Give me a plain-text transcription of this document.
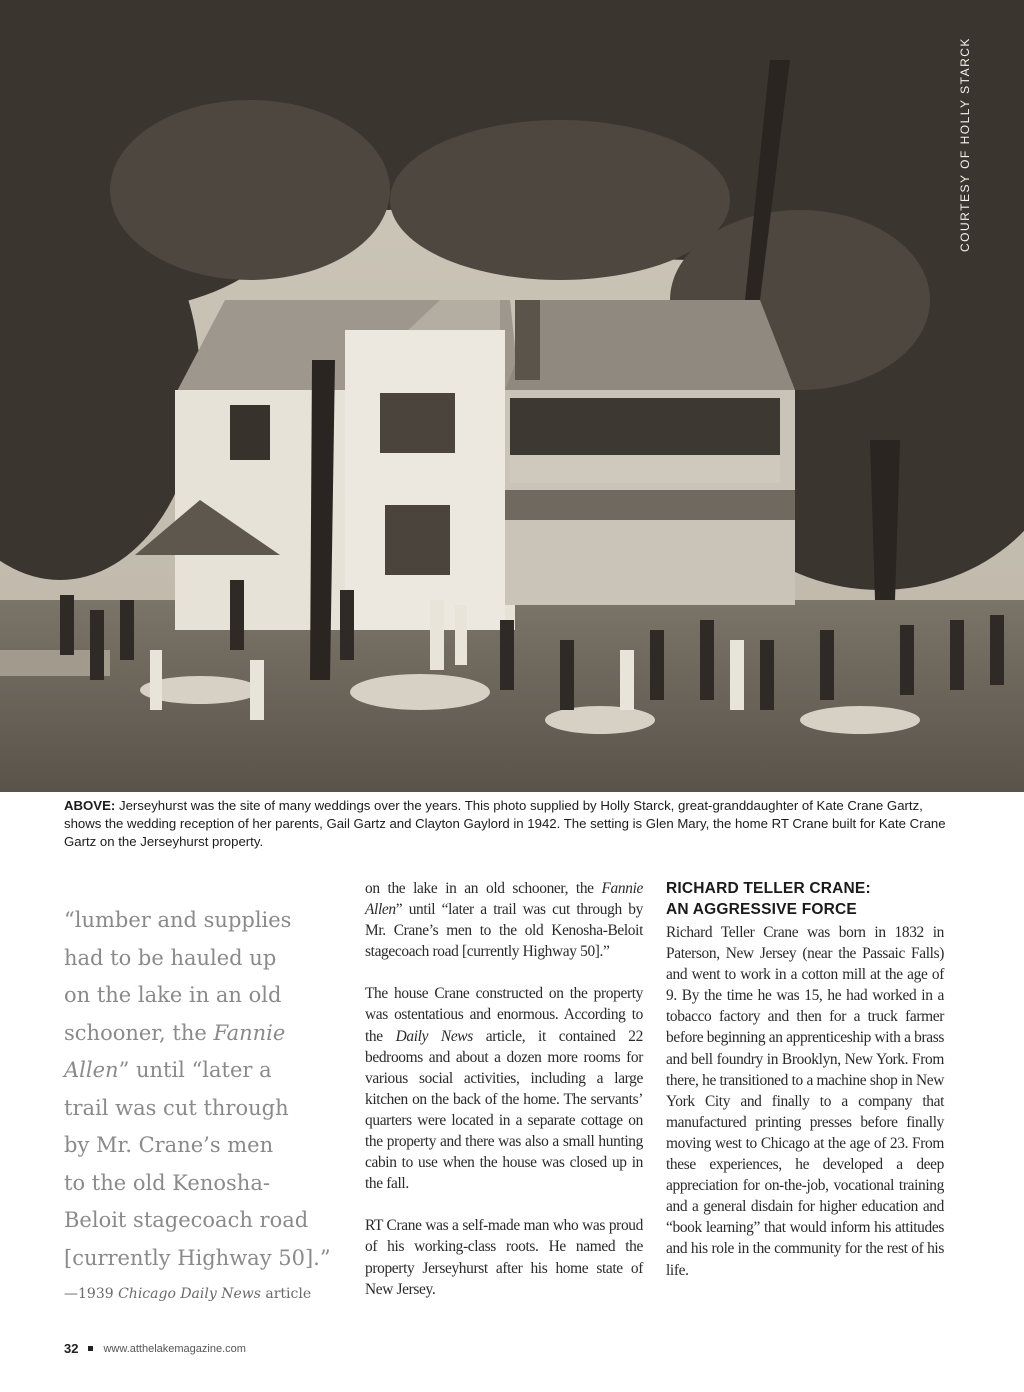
COURTESY OF HOLLY STARCK
ABOVE: Jerseyhurst was the site of many weddings over the years. This photo supplied by Holly Starck, great-granddaughter of Kate Crane Gartz, shows the wedding reception of her parents, Gail Gartz and Clayton Gaylord in 1942. The setting is Glen Mary, the home RT Crane built for Kate Crane Gartz on the Jerseyhurst property.
“lumber and supplies
had to be hauled up
on the lake in an old
schooner, the Fannie
Allen” until “later a
trail was cut through
by Mr. Crane’s men
to the old Kenosha-
Beloit stagecoach road
[currently Highway 50].”
—1939 Chicago Daily News article

on the lake in an old schooner, the Fannie Allen” until “later a trail was cut through by Mr. Crane’s men to the old Kenosha-Beloit stagecoach road [currently Highway 50].”

The house Crane constructed on the property was ostentatious and enormous. According to the Daily News article, it contained 22 bedrooms and about a dozen more rooms for various social activities, including a large kitchen on the back of the home. The servants’ quarters were located in a separate cottage on the property and there was also a small hunting cabin to use when the house was closed up in the fall.

RT Crane was a self-made man who was proud of his working-class roots. He named the property Jerseyhurst after his home state of New Jersey.

RICHARD TELLER CRANE:
AN AGGRESSIVE FORCE

Richard Teller Crane was born in 1832 in Paterson, New Jersey (near the Passaic Falls) and went to work in a cotton mill at the age of 9. By the time he was 15, he had worked in a tobacco factory and then for a truck farmer before beginning an apprenticeship with a brass and bell foundry in Brooklyn, New York. From there, he transitioned to a machine shop in New York City and finally to a company that manufactured printing presses before finally moving west to Chicago at the age of 23. From these experiences, he developed a deep appreciation for on-the-job, vocational training and a general disdain for higher education and “book learning” that would inform his attitudes and his role in the community for the rest of his life.

32 www.atthelakemagazine.com
